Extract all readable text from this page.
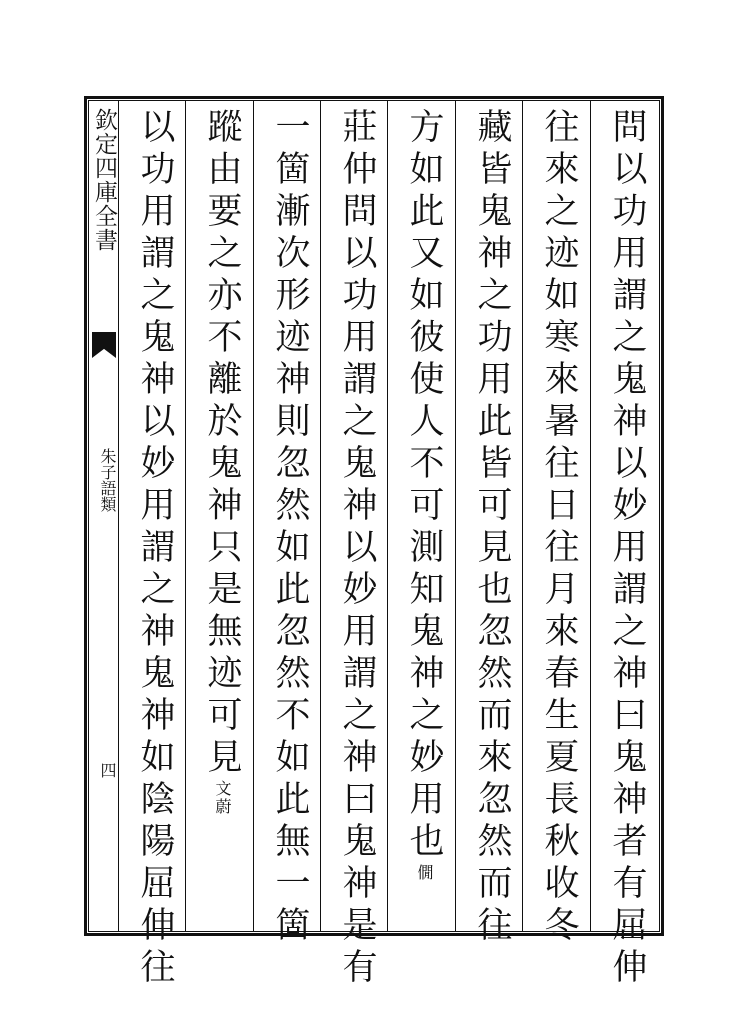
欽定四庫全書
朱子語類
四	問以功用謂之鬼神以妙用謂之神曰鬼神者有屈伸
往來之迹如寒來暑往日往月來春生夏長秋收冬
藏皆鬼神之功用此皆可見也忽然而來忽然而往
方如此又如彼使人不可測知鬼神之妙用也僩
莊仲問以功用謂之鬼神以妙用謂之神曰鬼神是有
一箇漸次形迹神則忽然如此忽然不如此無一箇
蹤由要之亦不離於鬼神只是無迹可見文蔚
以功用謂之鬼神以妙用謂之神鬼神如陰陽屈伸往
